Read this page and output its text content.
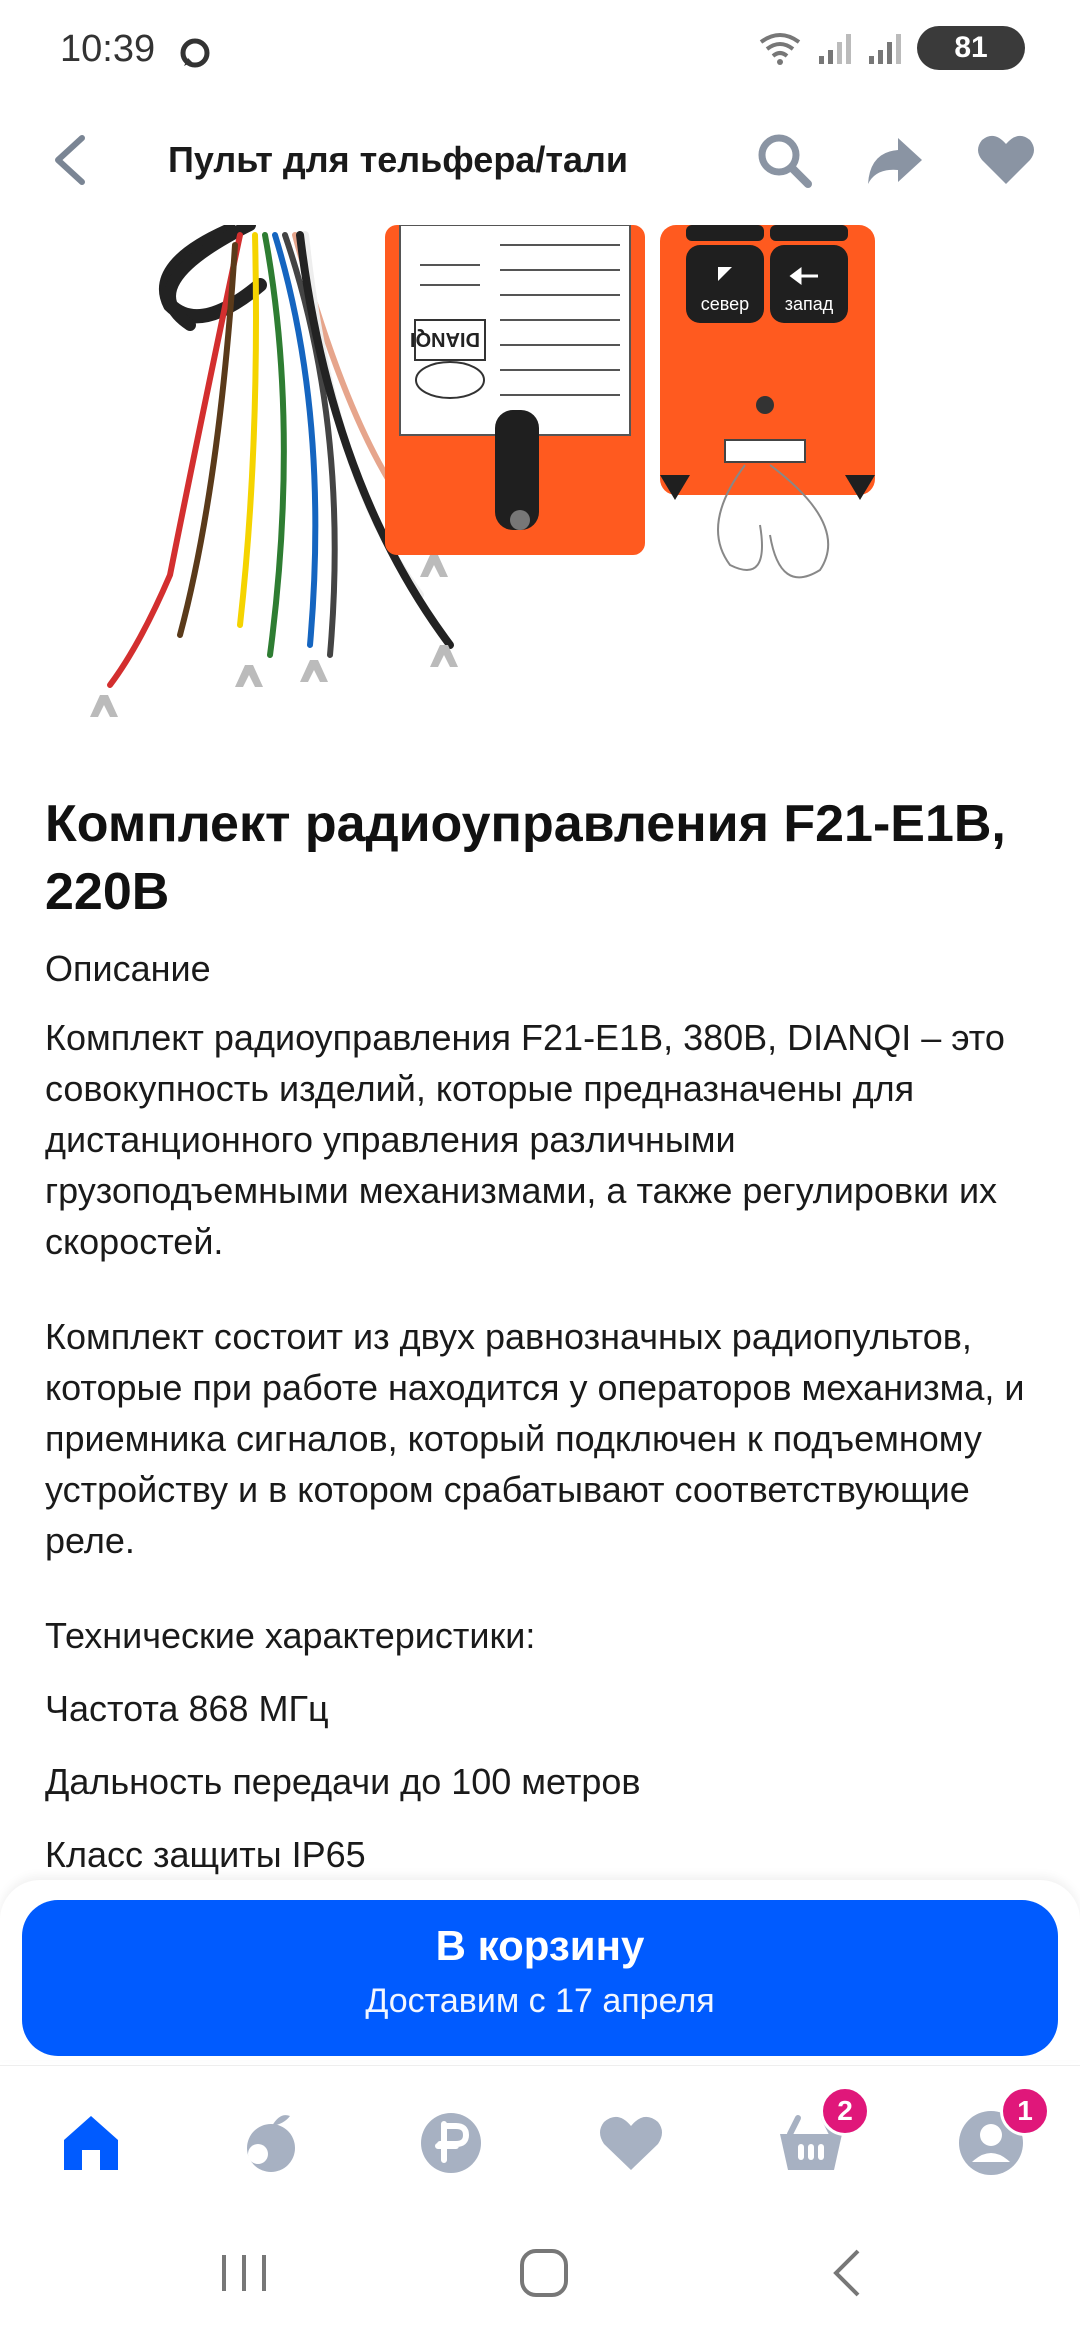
10:39	81
Пульт для тельфера/тали
DIANQI
север запад
Комплект радиоуправления F21-E1B, 220В
Описание
Комплект радиоуправления F21-E1B, 380В, DIANQI – это совокупность изделий, которые предназначены для дистанционного управления различными грузоподъемными механизмами, а также регулировки их скоростей.
Комплект состоит из двух равнозначных радиопультов, которые при работе находится у операторов механизма, и приемника сигналов, который подключен к подъемному устройству и в котором срабатывают соответствующие реле.
Технические характеристики:
Частота 868 МГц
Дальность передачи до 100 метров
Класс защиты IP65
В корзину
Доставим с 17 апреля
2	1
